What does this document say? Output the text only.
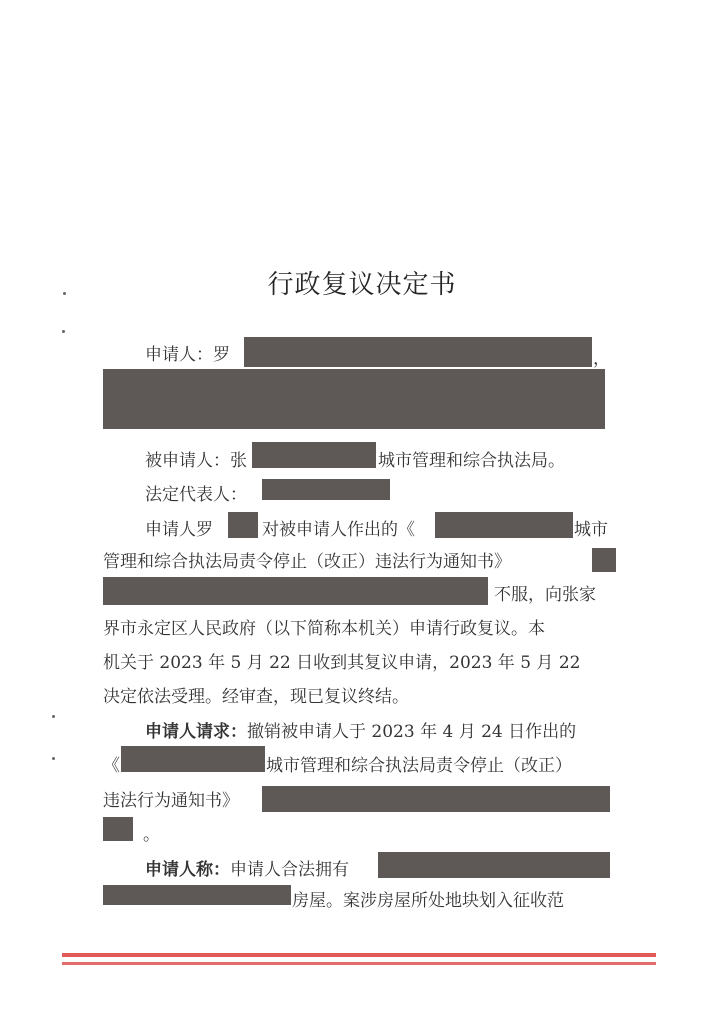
行政复议决定书
申请人：罗	，
被申请人： 张	城市管理和综合执法局。
法定代表人：
申请人罗	对被申请人作出的《	城市
管理和综合执法局责令停止（改正）违法行为通知书》
不服，向张家
界市永定区人民政府（以下简称本机关）申请行政复议。本
机关于 2023 年 5 月 22 日收到其复议申请，2023 年 5 月 22
决定依法受理。经审查，现已复议终结。
申请人请求： 撤销被申请人于 2023 年 4 月 24 日作出的
《	城市管理和综合执法局责令停止（改正）
违法行为通知书》
。
申请人称： 申请人合法拥有
房屋。案涉房屋所处地块划入征收范
